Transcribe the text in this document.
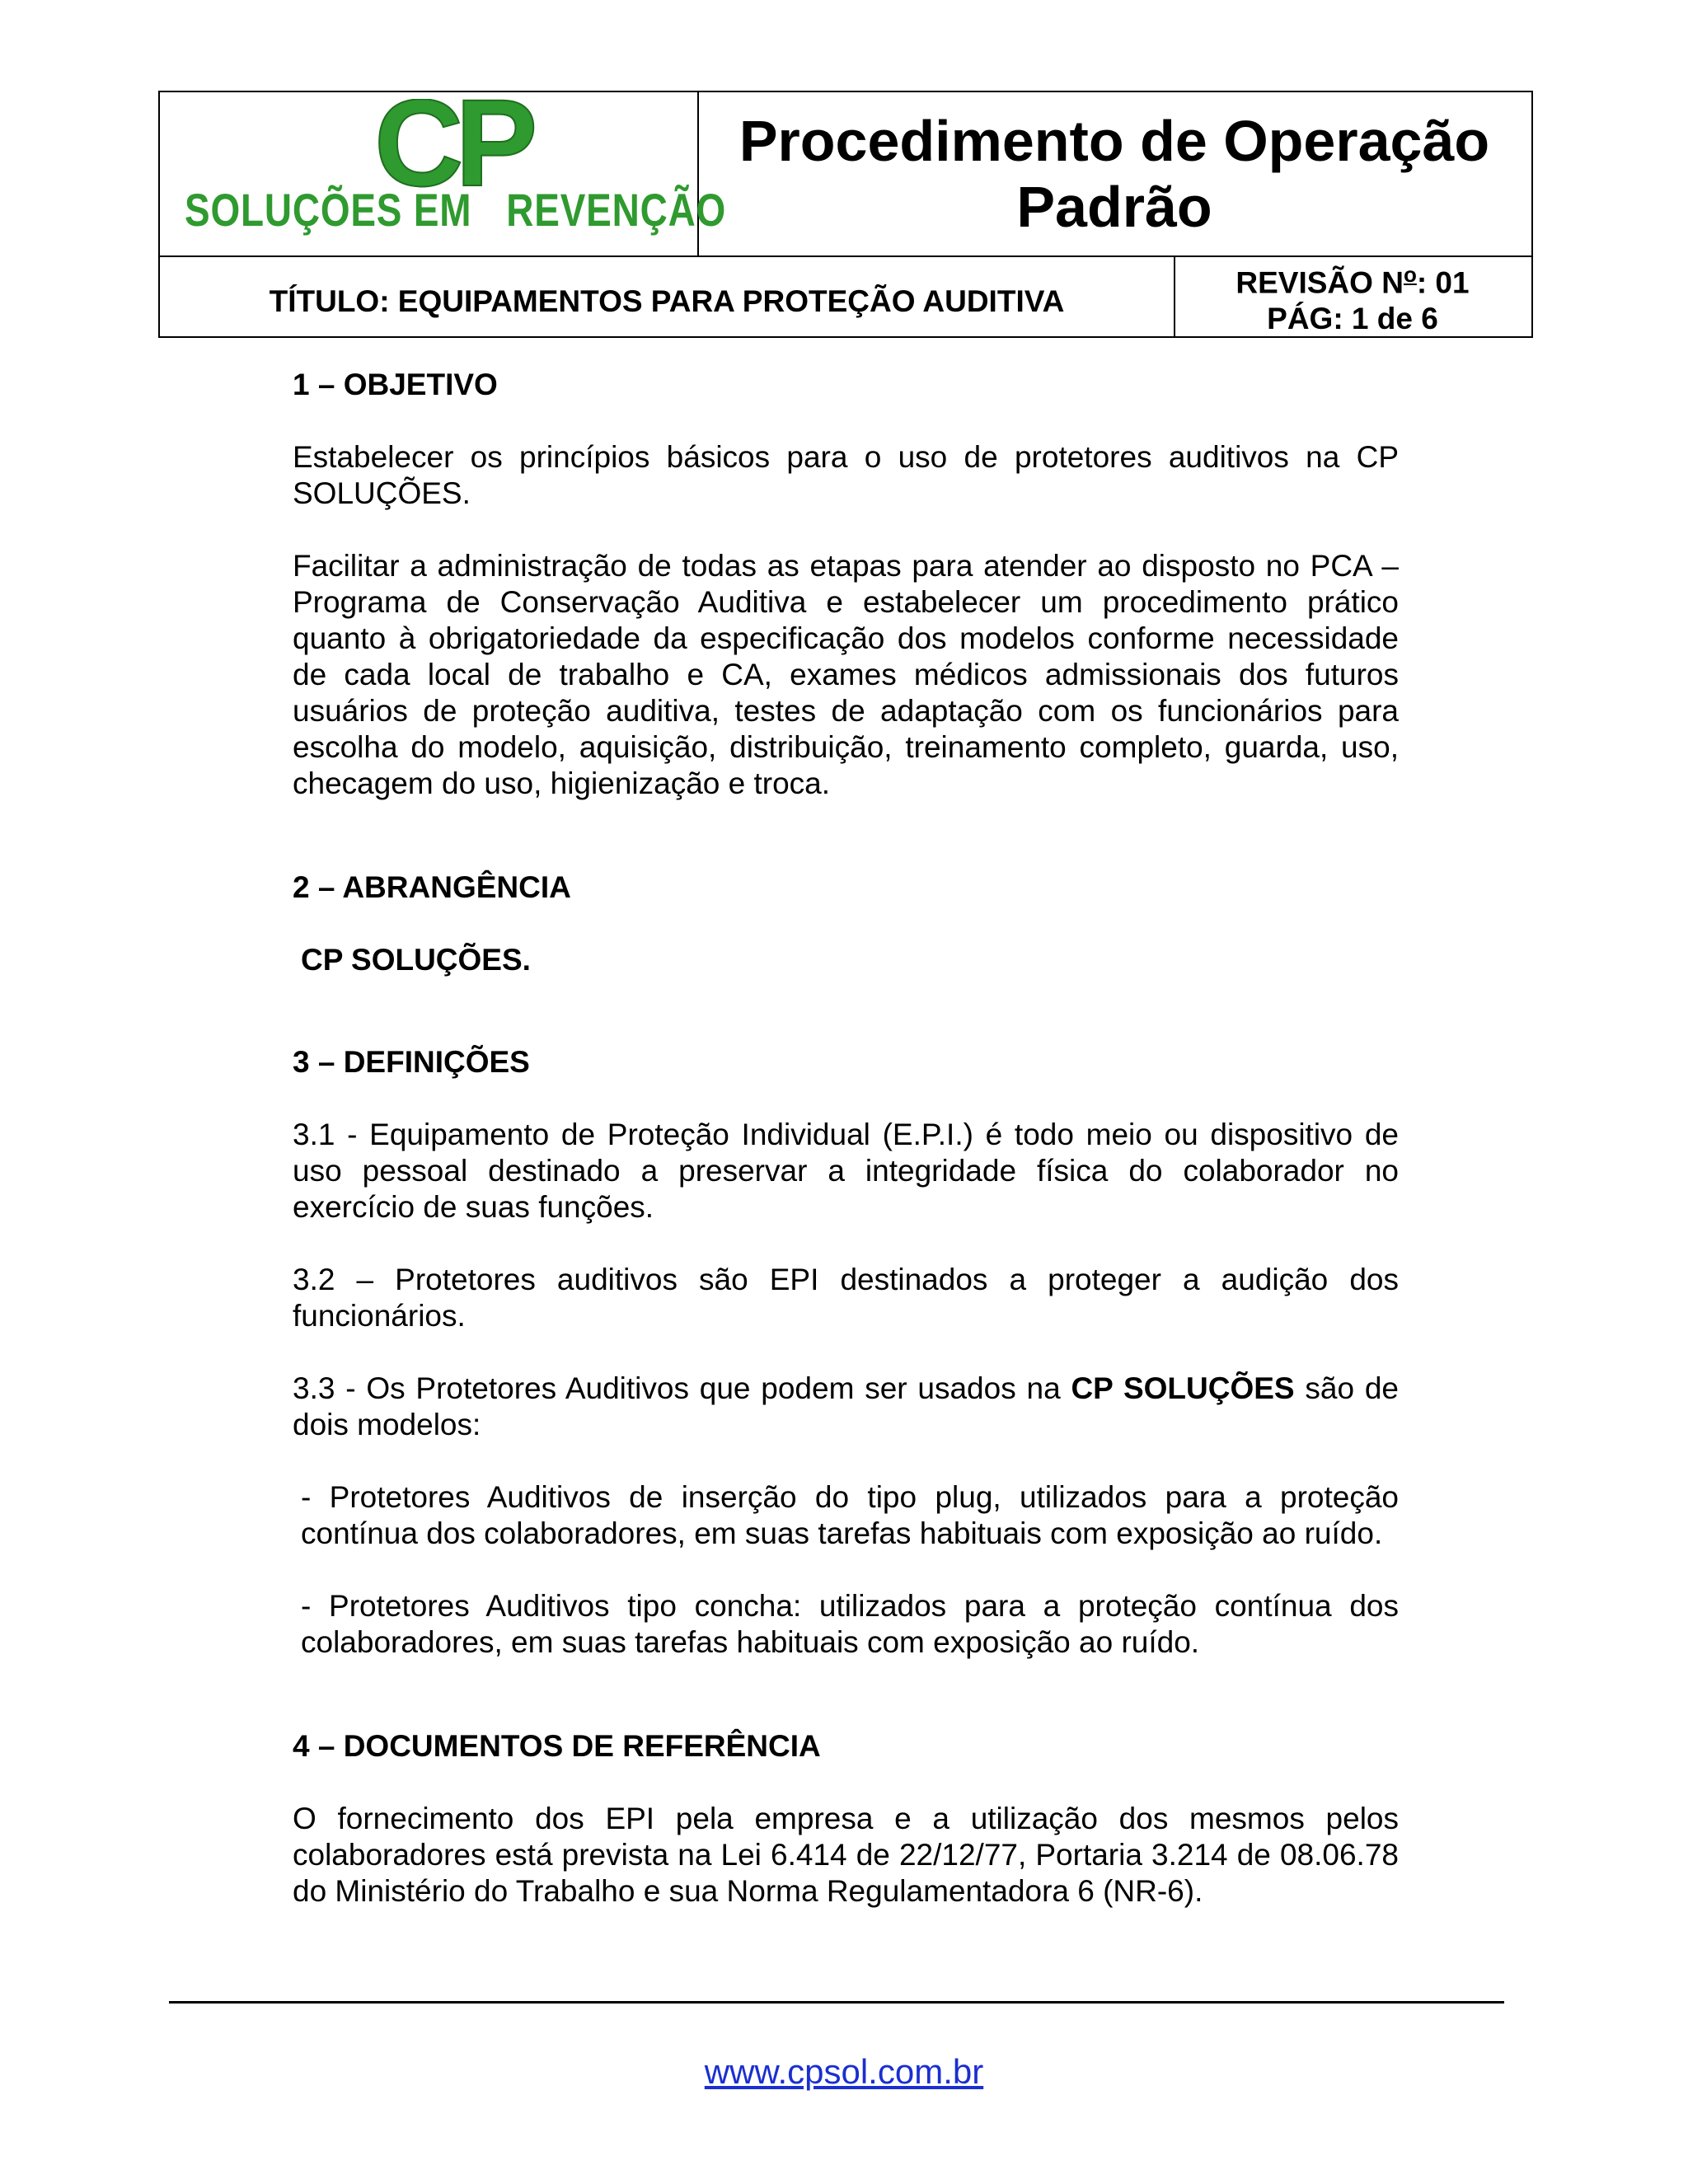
CP
SOLUÇÕES EM REVENÇÃO
Procedimento de Operação
Padrão
TÍTULO: EQUIPAMENTOS PARA PROTEÇÃO AUDITIVA
REVISÃO $N^o$: 01
PÁG: 1 de 6
1 – OBJETIVO

Estabelecer os princípios básicos para o uso de protetores auditivos na CP SOLUÇÕES.

Facilitar a administração de todas as etapas para atender ao disposto no PCA – Programa de Conservação Auditiva e estabelecer um procedimento prático quanto à obrigatoriedade da especificação dos modelos conforme necessidade de cada local de trabalho e CA, exames médicos admissionais dos futuros usuários de proteção auditiva, testes de adaptação com os funcionários para escolha do modelo, aquisição, distribuição, treinamento completo, guarda, uso, checagem do uso, higienização e troca.

2 – ABRANGÊNCIA

CP SOLUÇÕES.

3 – DEFINIÇÕES

3.1 - Equipamento de Proteção Individual (E.P.I.) é todo meio ou dispositivo de uso pessoal destinado a preservar a integridade física do colaborador no exercício de suas funções.

3.2 – Protetores auditivos são EPI destinados a proteger a audição dos funcionários.

3.3 - Os Protetores Auditivos que podem ser usados na CP SOLUÇÕES são de dois modelos:

- Protetores Auditivos de inserção do tipo plug, utilizados para a proteção contínua dos colaboradores, em suas tarefas habituais com exposição ao ruído.

- Protetores Auditivos tipo concha: utilizados para a proteção contínua dos colaboradores, em suas tarefas habituais com exposição ao ruído.

4 – DOCUMENTOS DE REFERÊNCIA

O fornecimento dos EPI pela empresa e a utilização dos mesmos pelos colaboradores está prevista na Lei 6.414 de 22/12/77, Portaria 3.214 de 08.06.78 do Ministério do Trabalho e sua Norma Regulamentadora 6 (NR-6).

www.cpsol.com.br
